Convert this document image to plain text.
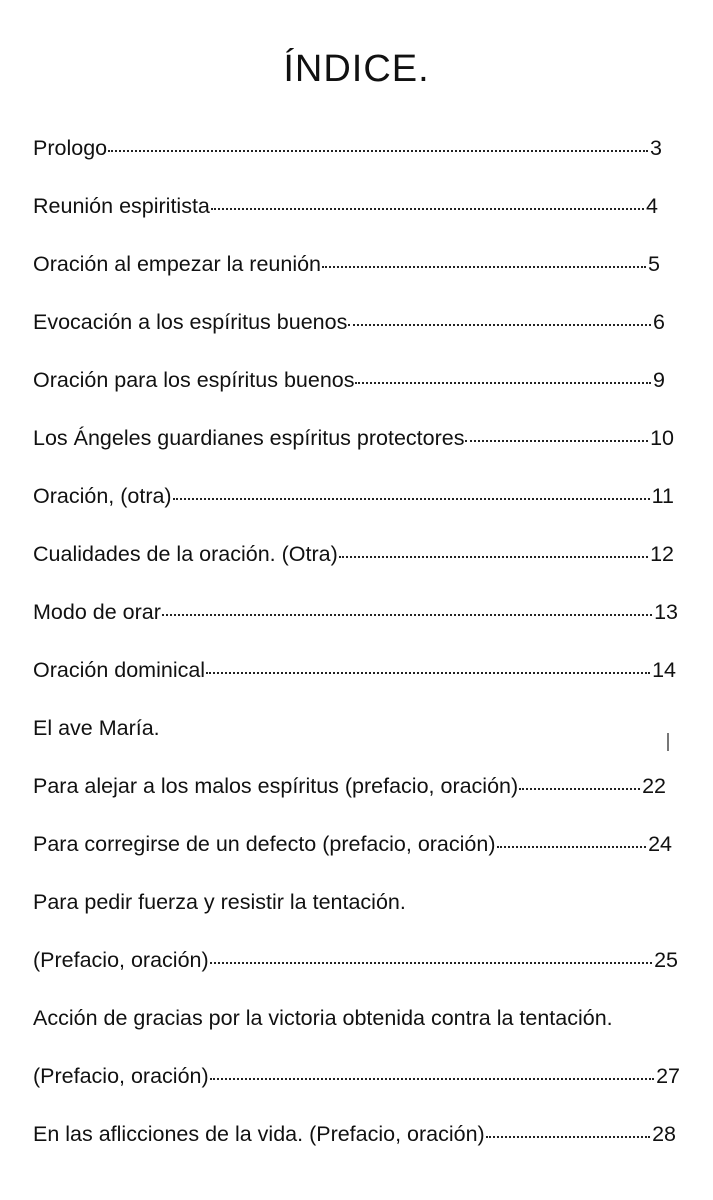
ÍNDICE.
Prologo	3
Reunión espiritista	4
Oración al empezar la reunión	5
Evocación a los espíritus buenos	6
Oración para los espíritus buenos	9
Los Ángeles guardianes espíritus protectores	10
Oración, (otra)	11
Cualidades de la oración. (Otra)	12
Modo de orar	13
Oración dominical	14
El ave María.
Para alejar a los malos espíritus (prefacio, oración)	22
Para corregirse de un defecto (prefacio, oración)	24
Para pedir fuerza y resistir la tentación.
(Prefacio, oración)	25
Acción de gracias por la victoria obtenida contra la tentación.
(Prefacio, oración)	27
En las aflicciones de la vida. (Prefacio, oración)	28
